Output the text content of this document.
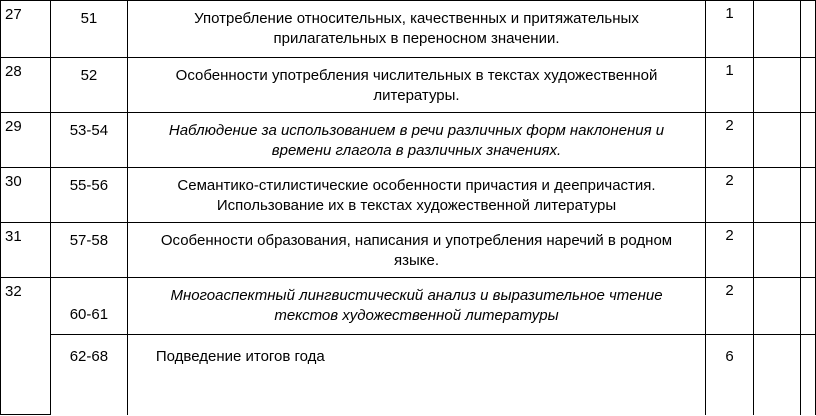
27	51	Употребление относительных, качественных и притяжательных прилагательных в переносном значении.	1		
28	52	Особенности употребления числительных в текстах художественной литературы.	1		
29	53-54	Наблюдение за использованием в речи различных форм наклонения и времени глагола в различных значениях.	2		
30	55-56	Семантико-стилистические особенности причастия и деепричастия. Использование их в текстах художественной литературы	2		
31	57-58	Особенности образования, написания и употребления наречий в родном языке.	2		
32	60-61	Многоаспектный лингвистический анализ и выразительное чтение текстов художественной литературы	2		
	62-68	Подведение итогов года	6		
